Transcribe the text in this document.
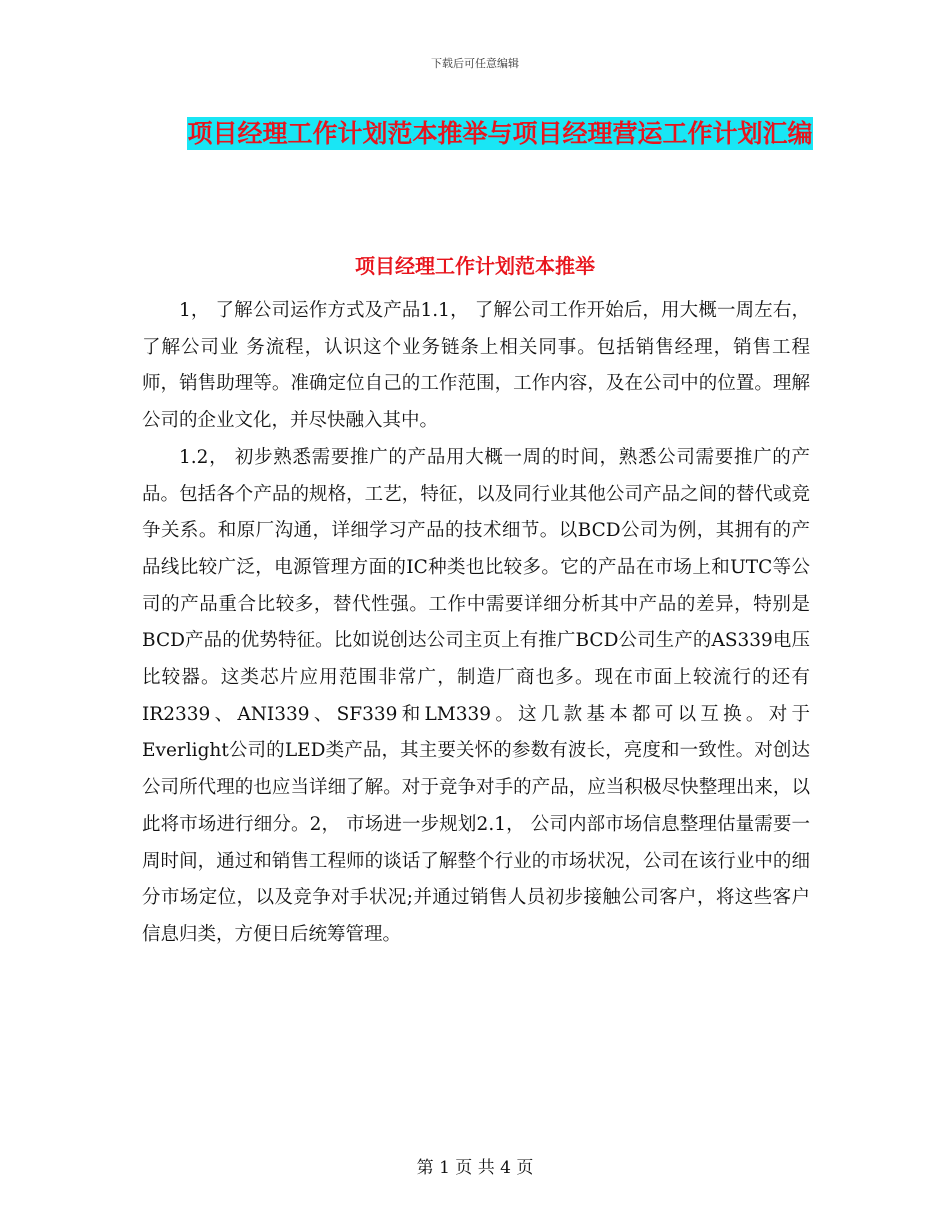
下载后可任意编辑
项目经理工作计划范本推举与项目经理营运工作计划汇编
项目经理工作计划范本推举

1， 了解公司运作方式及产品1.1， 了解公司工作开始后，用大概一周左右，了解公司业 务流程，认识这个业务链条上相关同事。包括销售经理，销售工程师，销售助理等。准确定位自己的工作范围，工作内容，及在公司中的位置。理解公司的企业文化，并尽快融入其中。

1.2， 初步熟悉需要推广的产品用大概一周的时间，熟悉公司需要推广的产品。包括各个产品的规格，工艺，特征，以及同行业其他公司产品之间的替代或竞争关系。和原厂沟通，详细学习产品的技术细节。以BCD公司为例，其拥有的产品线比较广泛，电源管理方面的IC种类也比较多。它的产品在市场上和UTC等公司的产品重合比较多，替代性强。工作中需要详细分析其中产品的差异，特别是BCD产品的优势特征。比如说创达公司主页上有推广BCD公司生产的AS339电压比较器。这类芯片应用范围非常广，制造厂商也多。现在市面上较流行的还有IR2339、ANI339、SF339和LM339。这几款基本都可以互换。对于Everlight公司的LED类产品，其主要关怀的参数有波长，亮度和一致性。对创达公司所代理的也应当详细了解。对于竞争对手的产品，应当积极尽快整理出来，以此将市场进行细分。2， 市场进一步规划2.1， 公司内部市场信息整理估量需要一周时间，通过和销售工程师的谈话了解整个行业的市场状况，公司在该行业中的细分市场定位，以及竞争对手状况;并通过销售人员初步接触公司客户，将这些客户信息归类，方便日后统筹管理。

第 1 页 共 4 页
